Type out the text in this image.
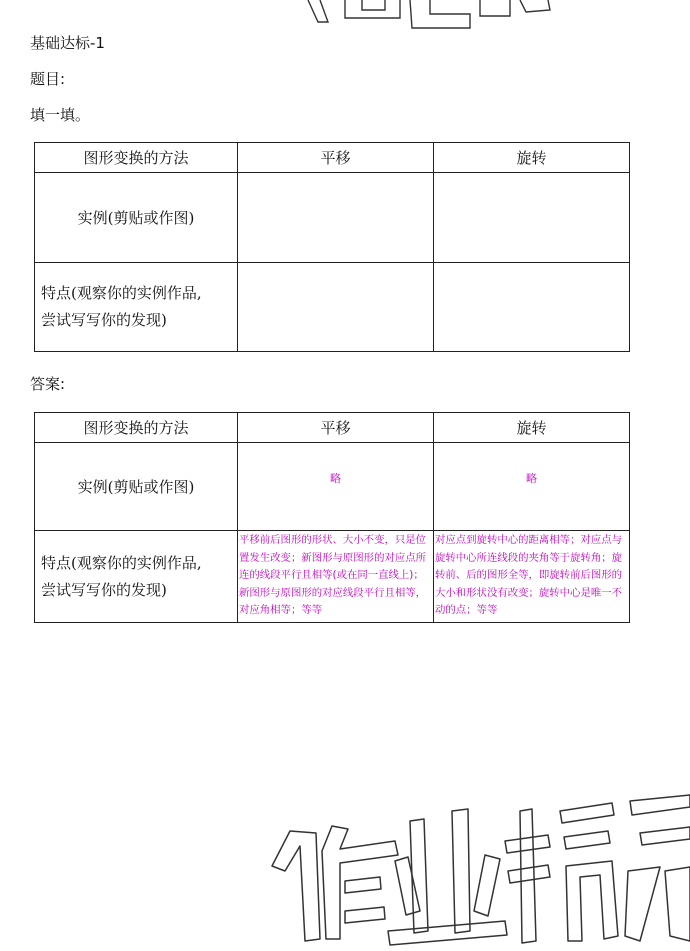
基础达标-1
题目:
填一填。
图形变换的方法	平移	旋转
实例(剪贴或作图)		

特点(观察你的实例作品,
尝试写写你的发现)		

答案:
图形变换的方法	平移	旋转
实例(剪贴或作图)	略	略

特点(观察你的实例作品,
尝试写写你的发现)	平移前后图形的形状、大小不变，只是位置发生改变；新图形与原图形的对应点所连的线段平行且相等(或在同一直线上)；新图形与原图形的对应线段平行且相等，对应角相等；等等	对应点到旋转中心的距离相等；对应点与旋转中心所连线段的夹角等于旋转角；旋转前、后的图形全等，即旋转前后图形的大小和形状没有改变；旋转中心是唯一不动的点；等等
